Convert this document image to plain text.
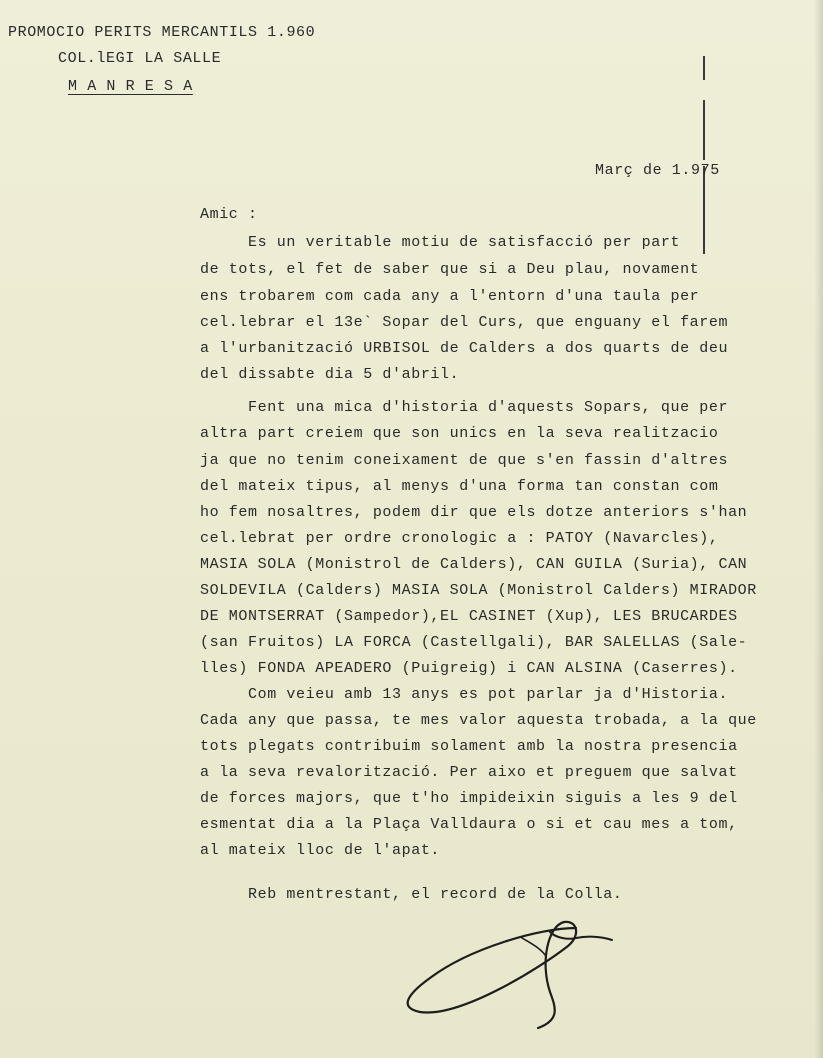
PROMOCIO PERITS MERCANTILS 1.960
COL.lEGI LA SALLE
M A N R E S A
Març de 1.975
Amic :
Es un veritable motiu de satisfacció per part
de tots, el fet de saber que si a Deu plau, novament
ens trobarem com cada any a l'entorn d'una taula per
cel.lebrar el 13e` Sopar del Curs, que enguany el farem
a l'urbanització URBISOL de Calders a dos quarts de deu
del dissabte dia 5 d'abril.
Fent una mica d'historia d'aquests Sopars, que per
altra part creiem que son unics en la seva realitzacio
ja que no tenim coneixament de que s'en fassin d'altres
del mateix tipus, al menys d'una forma tan constan com
ho fem nosaltres, podem dir que els dotze anteriors s'han
cel.lebrat per ordre cronologic a : PATOY (Navarcles),
MASIA SOLA (Monistrol de Calders), CAN GUILA (Suria), CAN
SOLDEVILA (Calders) MASIA SOLA (Monistrol Calders) MIRADOR
DE MONTSERRAT (Sampedor),EL CASINET (Xup), LES BRUCARDES
(san Fruitos) LA FORCA (Castellgali), BAR SALELLAS (Sale-
lles) FONDA APEADERO (Puigreig) i CAN ALSINA (Caserres).
Com veieu amb 13 anys es pot parlar ja d'Historia.
Cada any que passa, te mes valor aquesta trobada, a la que
tots plegats contribuim solament amb la nostra presencia
a la seva revalorització. Per aixo et preguem que salvat
de forces majors, que t'ho impideixin siguis a les 9 del
esmentat dia a la Plaça Valldaura o si et cau mes a tom,
al mateix lloc de l'apat.
Reb mentrestant, el record de la Colla.
